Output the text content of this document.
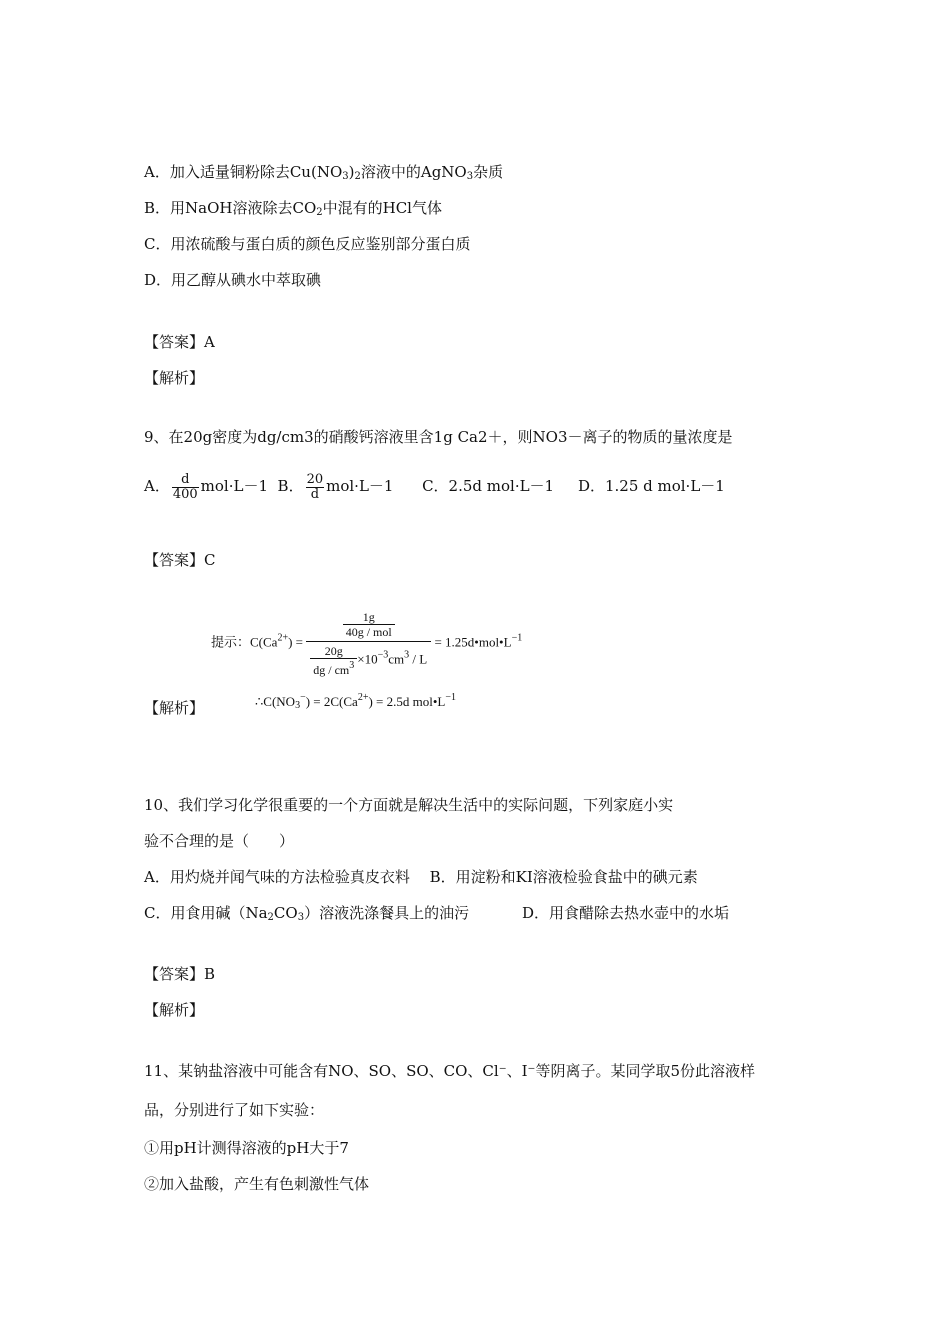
A．加入适量铜粉除去$Cu(NO_3)_2$溶液中的AgNO$_3$杂质
B．用NaOH溶液除去$CO_2$中混有的HCl气体
C．用浓硫酸与蛋白质的颜色反应鉴别部分蛋白质
D．用乙醇从碘水中萃取碘
【答案】A
【解析】
9、在20g密度为dg/cm3的硝酸钙溶液里含1g Ca2＋，则NO3－离子的物质的量浓度是
A． $\frac{d}{400} mol\cdot L-1$ B． $\frac{20}{d} mol\cdot L-1$ C．2.5d mol·L－1 D．1.25 d mol·L－1
【答案】C
提示：$C(Ca^{2+}) = 1g$
40g / mol
$\frac{20g}{dg / cm^3} \times 10^{-3}cm^3 / L$ = $1.25d•mol•L^{-1}$
$\therefore C(NO_3^-) = 2C(Ca^{2+}) = 2.5d$ $mol•L^{-1}$
【解析】
10、我们学习化学很重要的一个方面就是解决生活中的实际问题，下列家庭小实
验不合理的是（　　）
A．用灼烧并闻气味的方法检验真皮衣料　 B．用淀粉和KI溶液检验食盐中的碘元素
C．用食用碱$(Na_2CO_3)$溶液洗涤餐具上的油污	D．用食醋除去热水壶中的水垢
【答案】B
【解析】
11、某钠盐溶液中可能含有NO、SO、SO、CO、Cl⁻、I⁻等阴离子。某同学取5份此溶液样
品，分别进行了如下实验：
①用pH计测得溶液的pH大于7
②加入盐酸，产生有色刺激性气体
